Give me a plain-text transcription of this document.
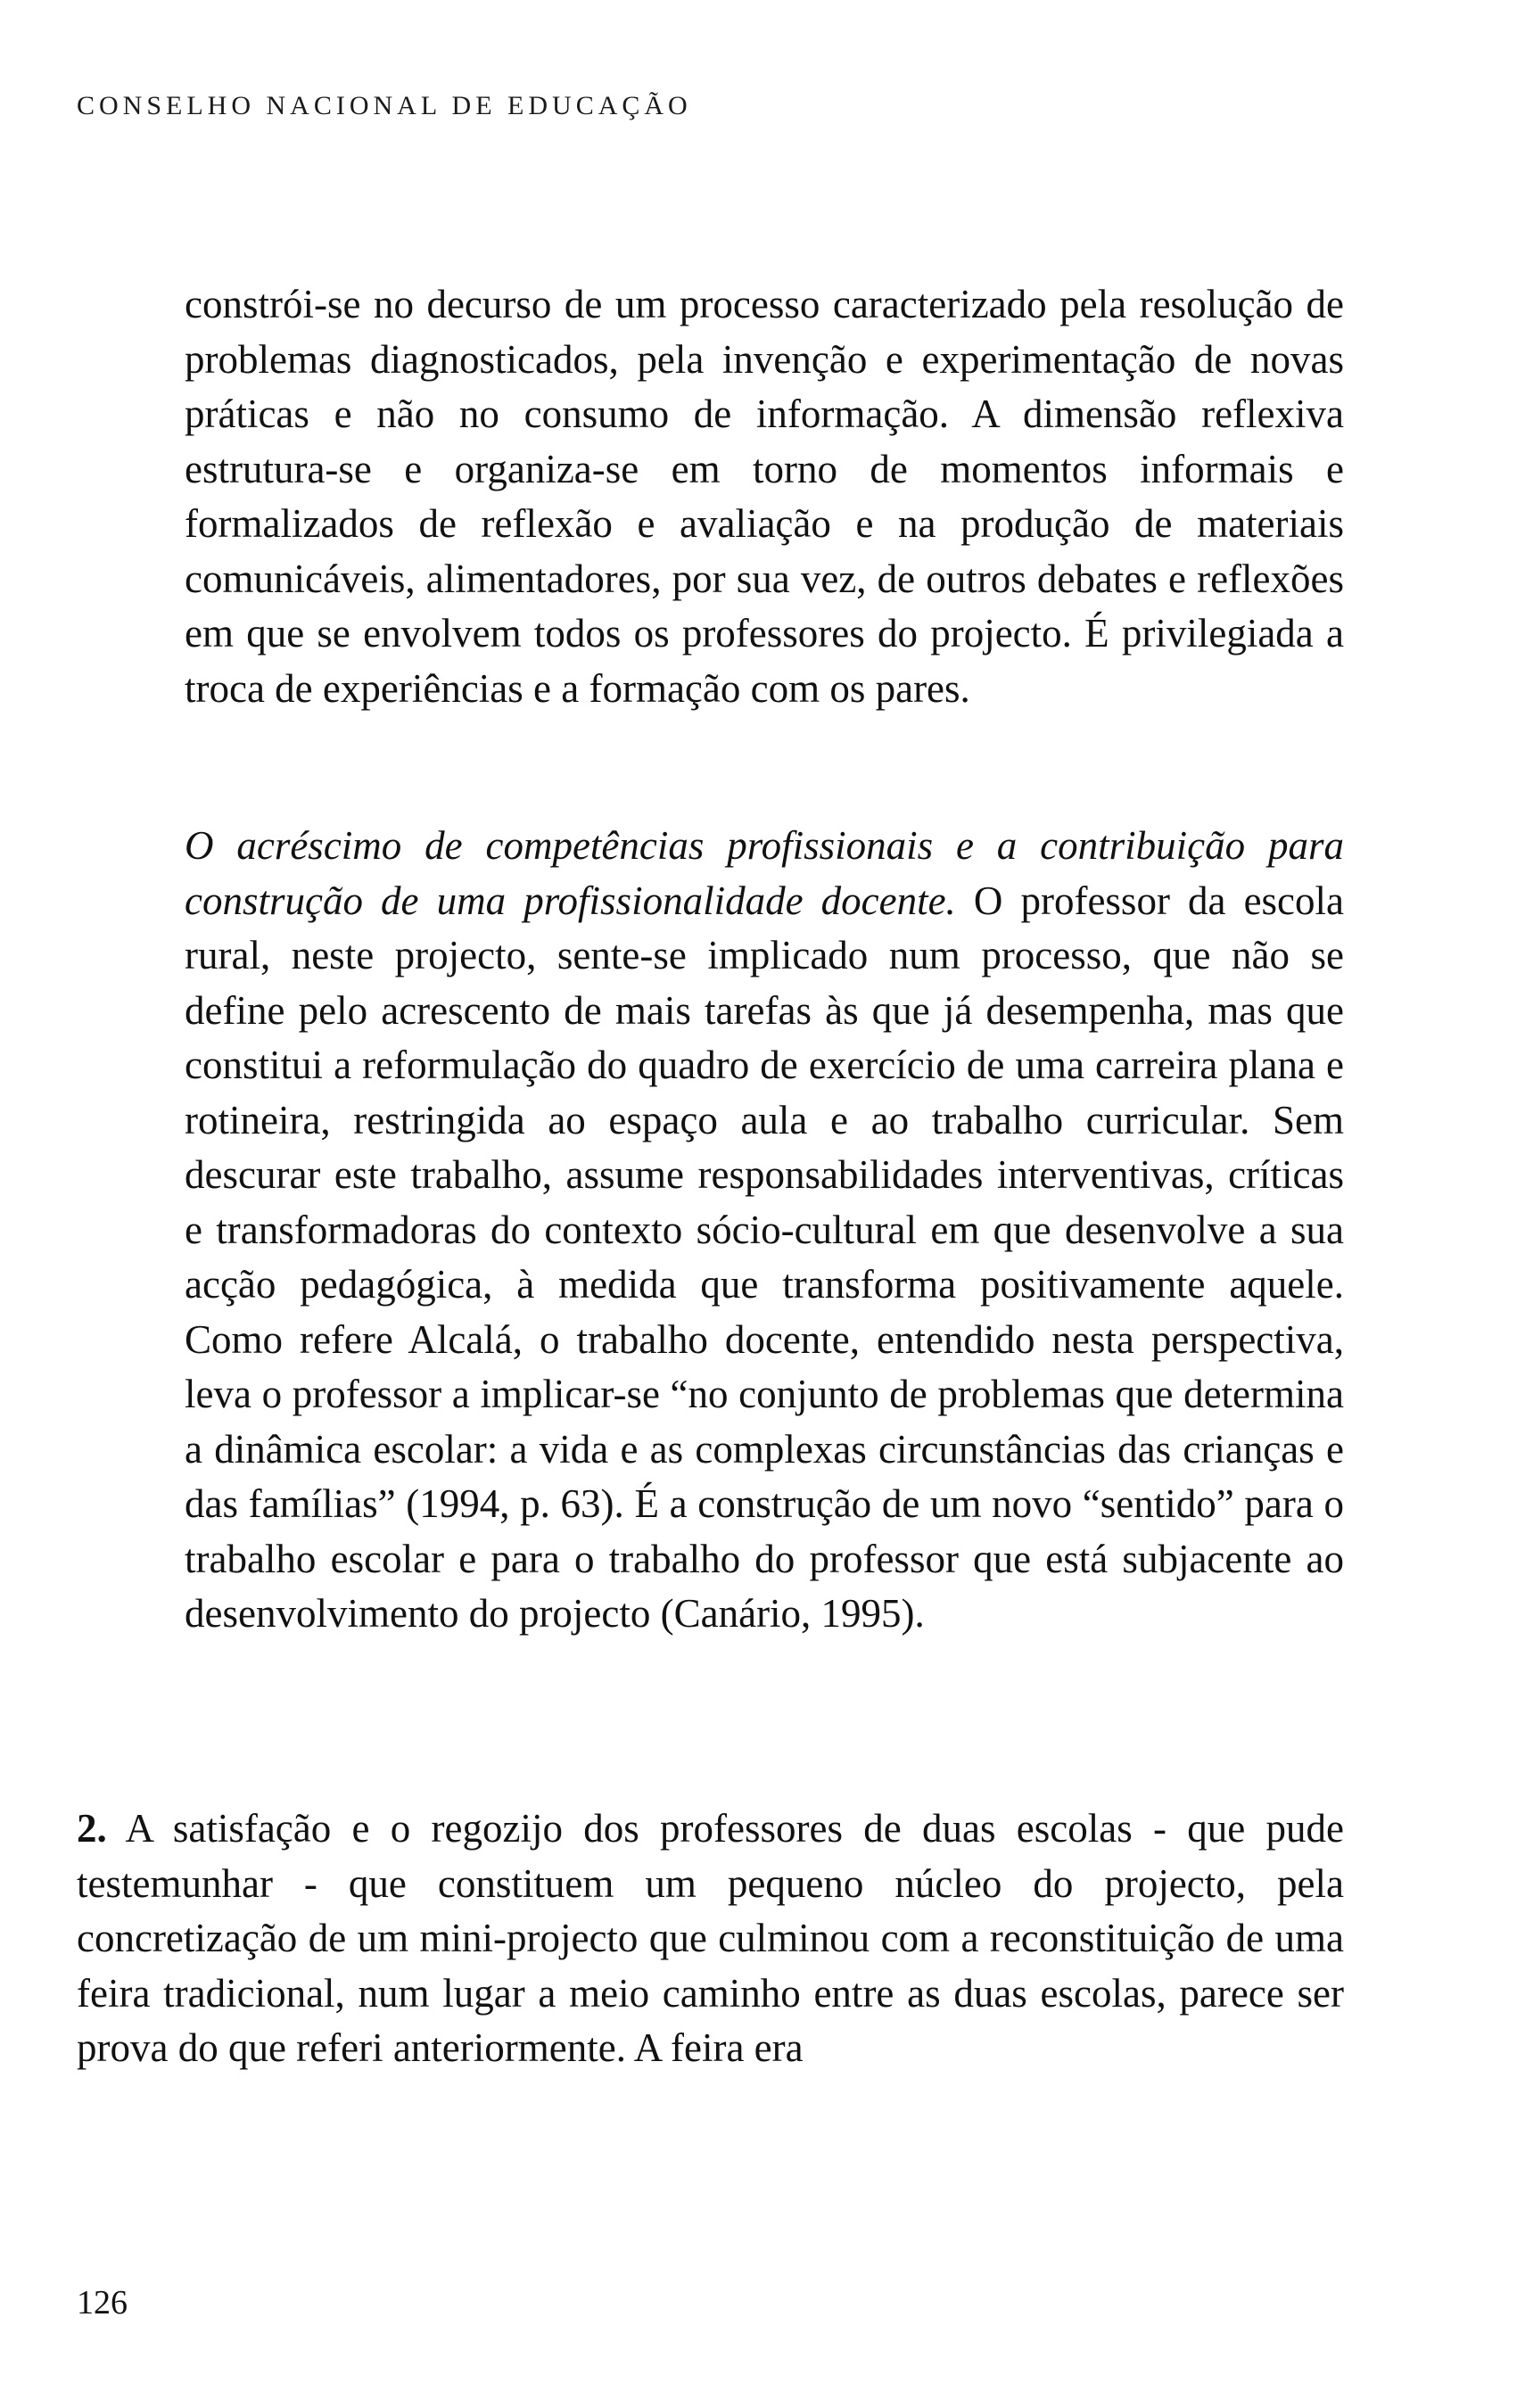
CONSELHO NACIONAL DE EDUCAÇÃO

constrói-se no decurso de um processo caracterizado pela resolução de problemas diagnosticados, pela invenção e experimentação de novas práticas e não no consumo de informação. A dimensão reflexiva estrutura-se e organiza-se em torno de momentos informais e formalizados de reflexão e avaliação e na produção de materiais comunicáveis, alimentadores, por sua vez, de outros debates e reflexões em que se envolvem todos os professores do projecto. É privilegiada a troca de experiências e a formação com os pares.

O acréscimo de competências profissionais e a contribuição para construção de uma profissionalidade docente. O professor da escola rural, neste projecto, sente-se implicado num processo, que não se define pelo acrescento de mais tarefas às que já desempenha, mas que constitui a reformulação do quadro de exercício de uma carreira plana e rotineira, restringida ao espaço aula e ao trabalho curricular. Sem descurar este trabalho, assume responsabilidades interventivas, críticas e transformadoras do contexto sócio-cultural em que desenvolve a sua acção pedagógica, à medida que transforma positivamente aquele. Como refere Alcalá, o trabalho docente, entendido nesta perspectiva, leva o professor a implicar-se “no conjunto de problemas que determina a dinâmica escolar: a vida e as complexas circunstâncias das crianças e das famílias” (1994, p. 63). É a construção de um novo “sentido” para o trabalho escolar e para o trabalho do professor que está subjacente ao desenvolvimento do projecto (Canário, 1995).

2. A satisfação e o regozijo dos professores de duas escolas - que pude testemunhar - que constituem um pequeno núcleo do projecto, pela concretização de um mini-projecto que culminou com a reconstituição de uma feira tradicional, num lugar a meio caminho entre as duas escolas, parece ser prova do que referi anteriormente. A feira era

126
